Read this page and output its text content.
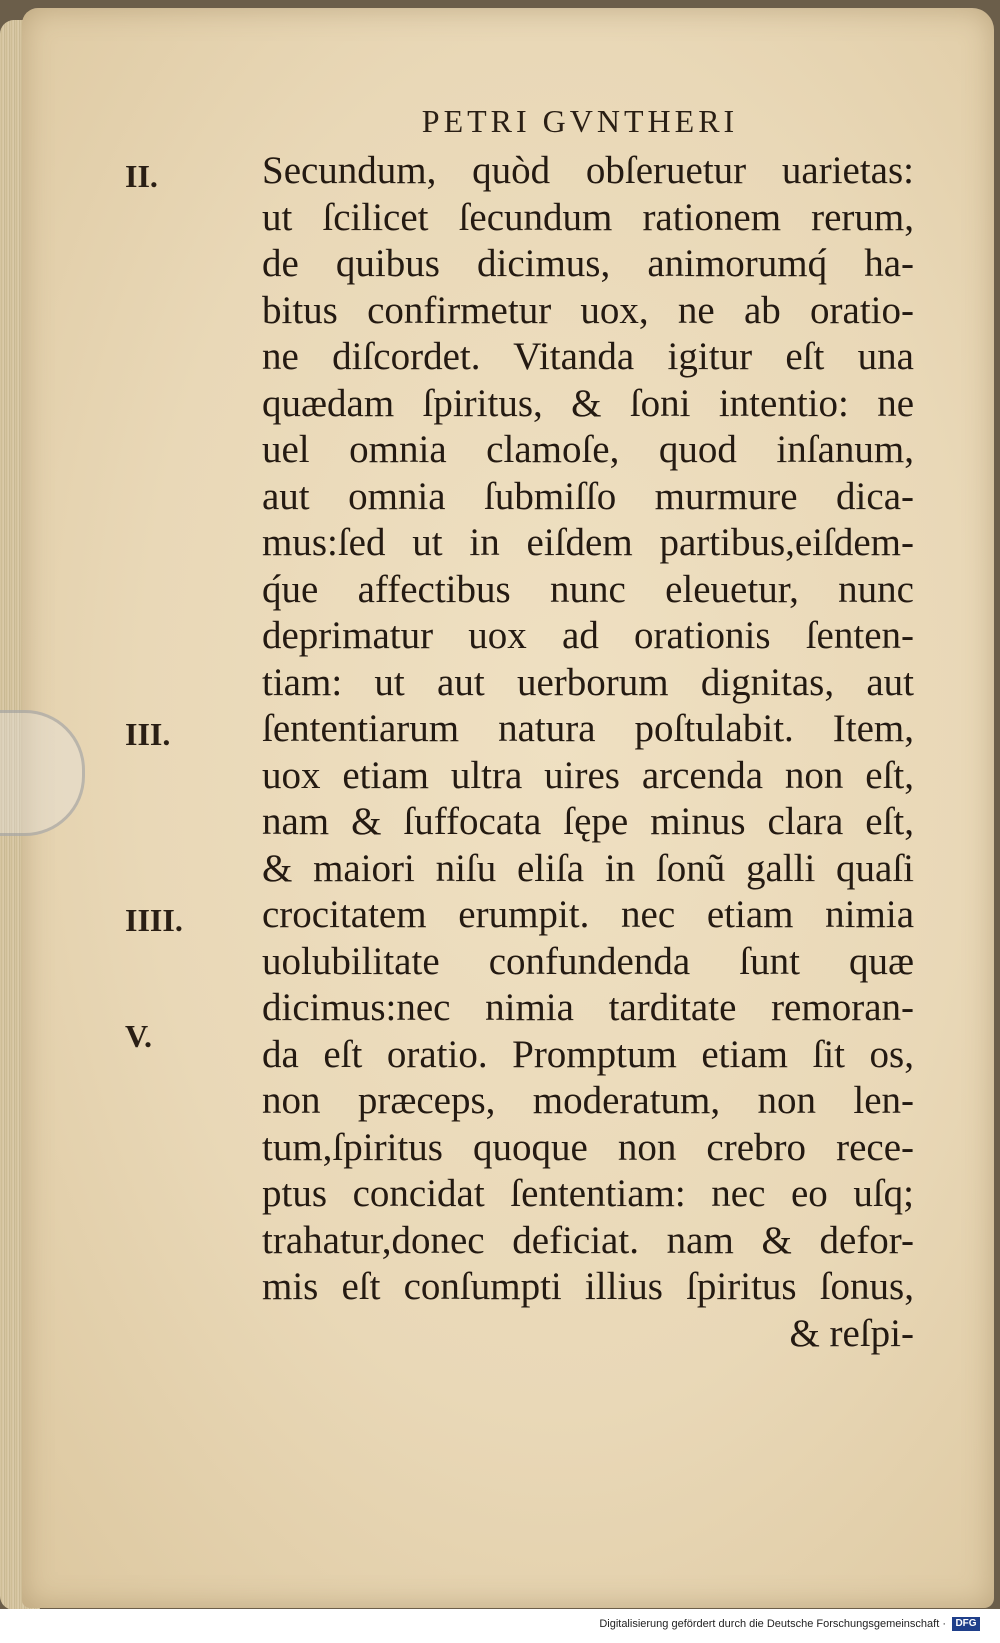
PETRI GVNTHERI
II.
III.
IIII.
V.
Secundum, quòd obſeruetur uarietas:
ut ſcilicet ſecundum rationem rerum,
de quibus dicimus, animorumq́ ha-
bitus confirmetur uox, ne ab oratio-
ne diſcordet. Vitanda igitur eſt una
quædam ſpiritus, & ſoni intentio: ne
uel omnia clamoſe, quod inſanum,
aut omnia ſubmiſſo murmure dica-
mus:ſed ut in eiſdem partibus,eiſdem-
q́ue affectibus nunc eleuetur, nunc
deprimatur uox ad orationis ſenten-
tiam: ut aut uerborum dignitas, aut
ſententiarum natura poſtulabit. Item,
uox etiam ultra uires arcenda non eſt,
nam & ſuffocata ſępe minus clara eſt,
& maiori niſu eliſa in ſonũ galli quaſi
crocitatem erumpit. nec etiam nimia
uolubilitate confundenda ſunt quæ
dicimus:nec nimia tarditate remoran-
da eſt oratio. Promptum etiam ſit os,
non præceps, moderatum, non len-
tum,ſpiritus quoque non crebro rece-
ptus concidat ſententiam: nec eo uſq;
trahatur,donec deficiat. nam & defor-
mis eſt conſumpti illius ſpiritus ſonus,
& reſpi-
Digitalisierung gefördert durch die Deutsche Forschungsgemeinschaft · DFG
